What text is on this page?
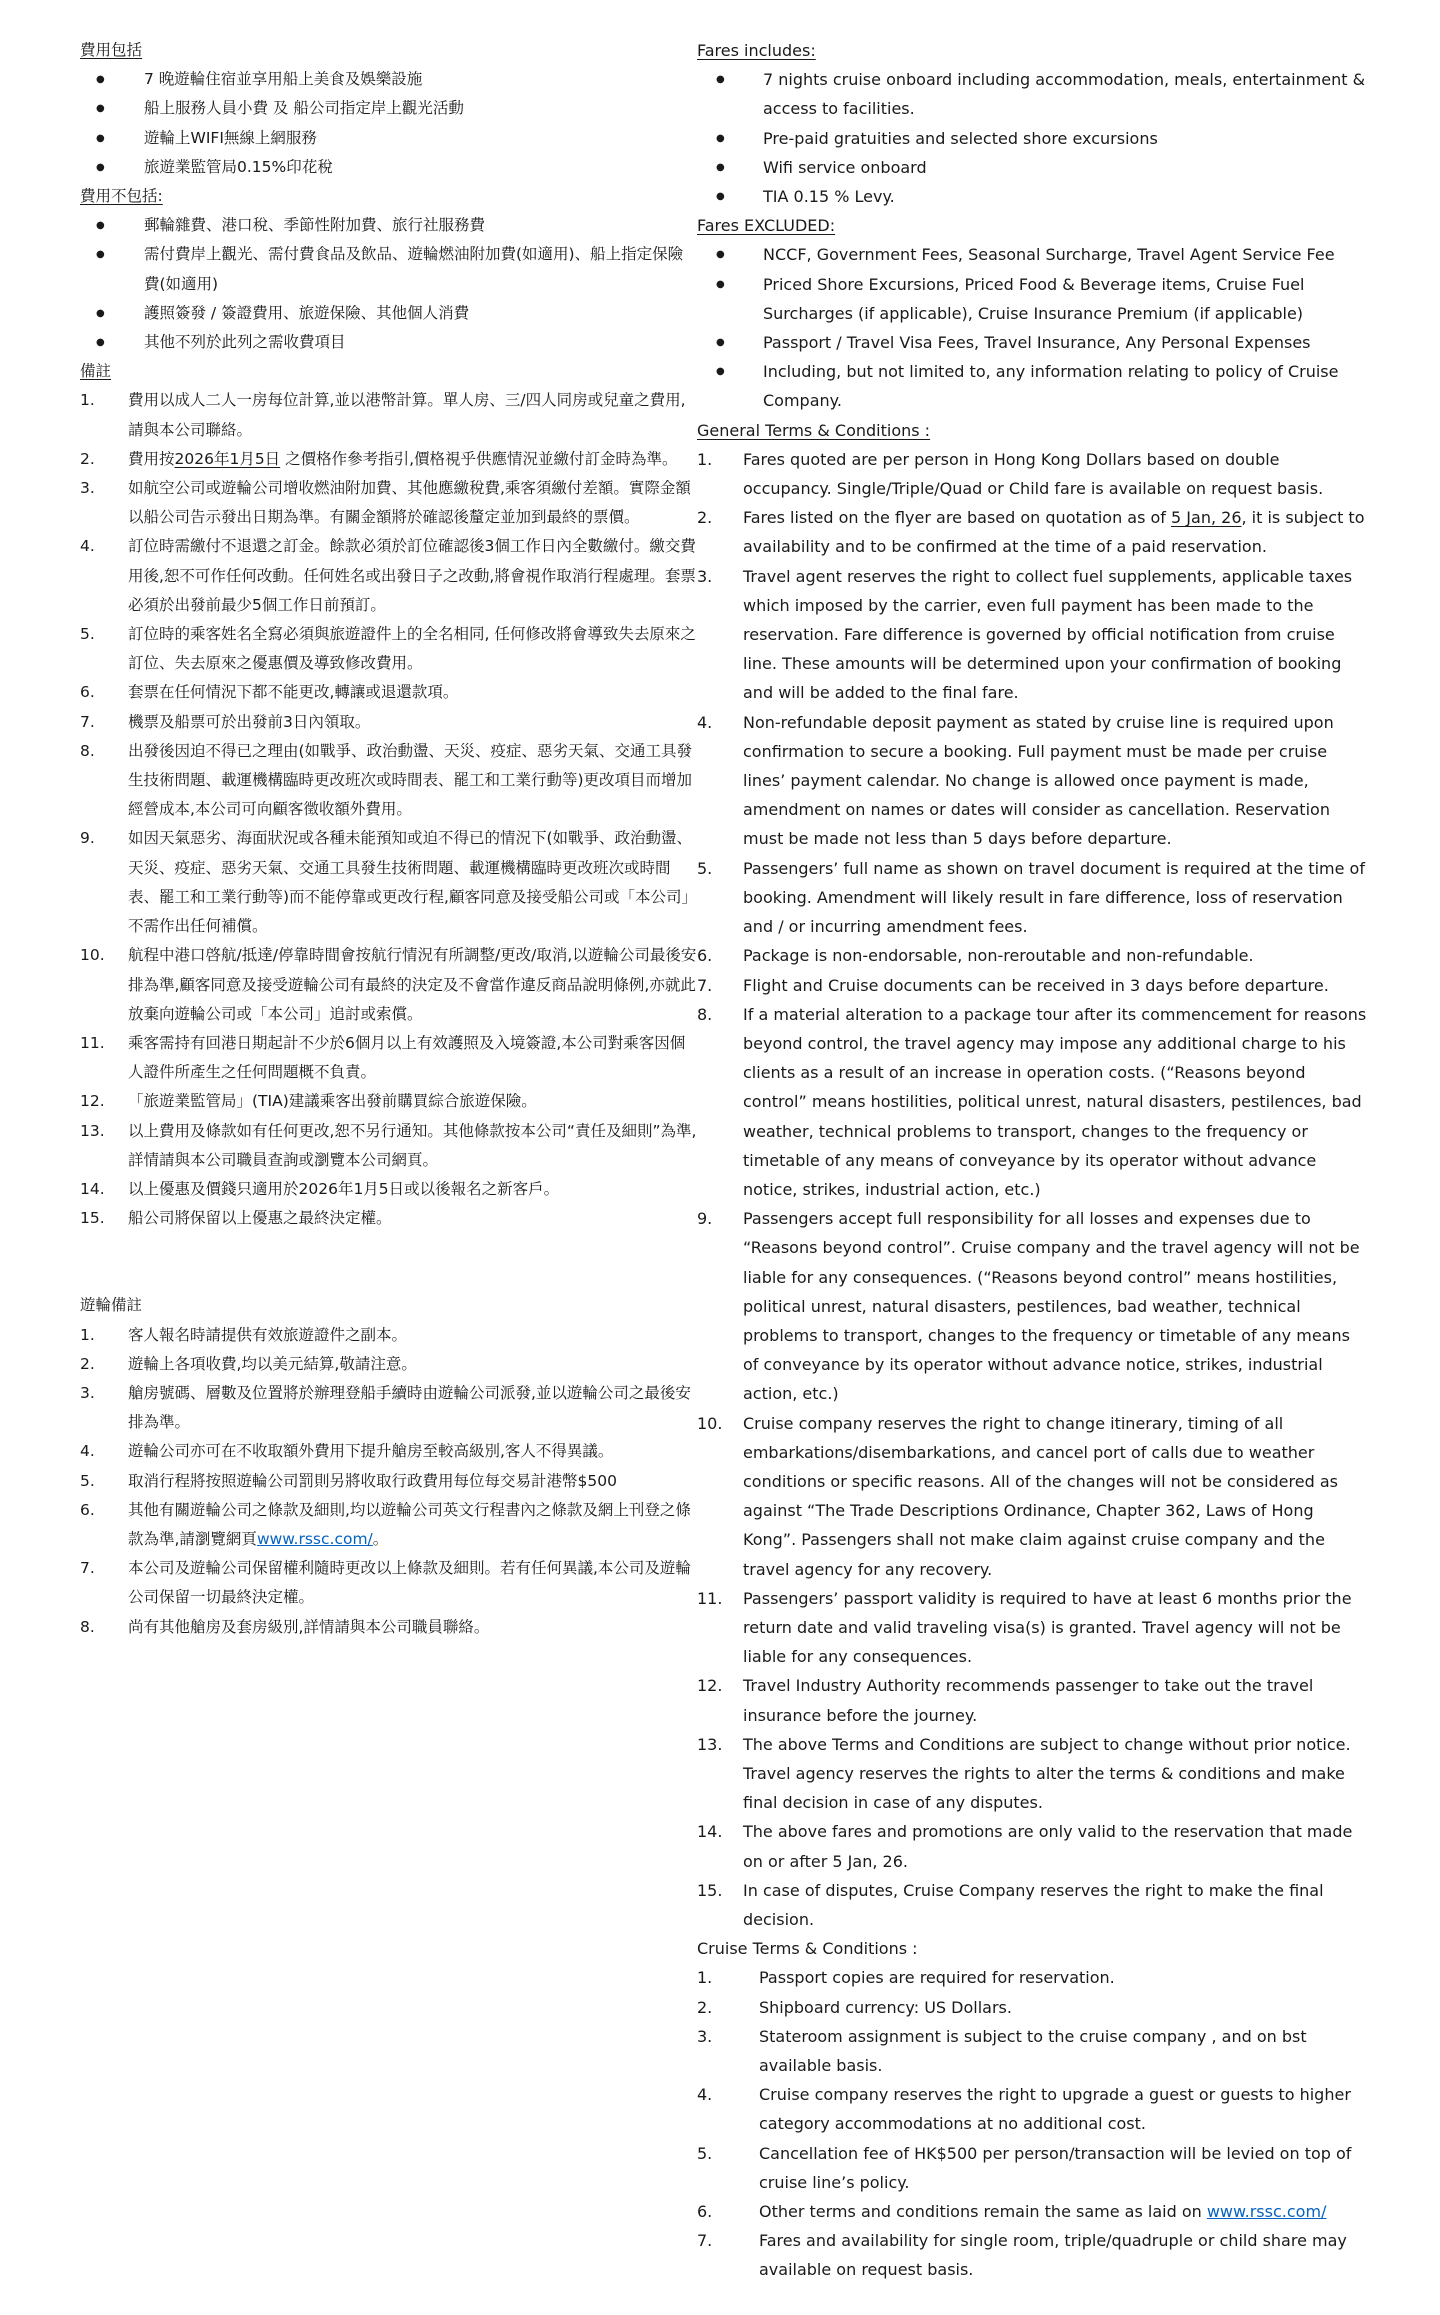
費用包括
●	7 晚遊輪住宿並享用船上美食及娛樂設施
●	船上服務人員小費 及 船公司指定岸上觀光活動
●	遊輪上WIFI無線上網服務
●	旅遊業監管局0.15%印花稅
費用不包括:
●	郵輪雜費、港口稅、季節性附加費、旅行社服務費
●	需付費岸上觀光、需付費食品及飲品、遊輪燃油附加費(如適用)、船上指定保險費(如適用)
●	護照簽發 / 簽證費用、旅遊保險、其他個人消費
●	其他不列於此列之需收費項目
備註
1.	費用以成人二人一房每位計算,並以港幣計算。單人房、三/四人同房或兒童之費用,請與本公司聯絡。
2.	費用按2026年1月5日 之價格作參考指引,價格視乎供應情況並繳付訂金時為準。
3.	如航空公司或遊輪公司增收燃油附加費、其他應繳稅費,乘客須繳付差額。實際金額以船公司告示發出日期為準。有關金額將於確認後釐定並加到最終的票價。
4.	訂位時需繳付不退還之訂金。餘款必須於訂位確認後3個工作日內全數繳付。繳交費用後,恕不可作任何改動。任何姓名或出發日子之改動,將會視作取消行程處理。套票必須於出發前最少5個工作日前預訂。
5.	訂位時的乘客姓名全寫必須與旅遊證件上的全名相同, 任何修改將會導致失去原來之訂位、失去原來之優惠價及導致修改費用。
6.	套票在任何情況下都不能更改,轉讓或退還款項。
7.	機票及船票可於出發前3日內領取。
8.	出發後因迫不得已之理由(如戰爭、政治動盪、天災、疫症、惡劣天氣、交通工具發生技術問題、載運機構臨時更改班次或時間表、罷工和工業行動等)更改項目而增加經營成本,本公司可向顧客徵收額外費用。
9.	如因天氣惡劣、海面狀況或各種未能預知或迫不得已的情況下(如戰爭、政治動盪、天災、疫症、惡劣天氣、交通工具發生技術問題、載運機構臨時更改班次或時間表、罷工和工業行動等)而不能停靠或更改行程,顧客同意及接受船公司或「本公司」不需作出任何補償。
10.	航程中港口啓航/抵達/停靠時間會按航行情況有所調整/更改/取消,以遊輪公司最後安排為準,顧客同意及接受遊輪公司有最終的決定及不會當作違反商品說明條例,亦就此放棄向遊輪公司或「本公司」追討或索償。
11.	乘客需持有回港日期起計不少於6個月以上有效護照及入境簽證,本公司對乘客因個人證件所產生之任何問題概不負責。
12.	「旅遊業監管局」(TIA)建議乘客出發前購買綜合旅遊保險。
13.	以上費用及條款如有任何更改,恕不另行通知。其他條款按本公司“責任及細則”為準,詳情請與本公司職員查詢或瀏覽本公司網頁。
14.	以上優惠及價錢只適用於2026年1月5日或以後報名之新客戶。
15.	船公司將保留以上優惠之最終決定權。
遊輪備註
1.	客人報名時請提供有效旅遊證件之副本。
2.	遊輪上各項收費,均以美元結算,敬請注意。
3.	艙房號碼、層數及位置將於辦理登船手續時由遊輪公司派發,並以遊輪公司之最後安排為準。
4.	遊輪公司亦可在不收取額外費用下提升艙房至較高級別,客人不得異議。
5.	取消行程將按照遊輪公司罰則另將收取行政費用每位每交易計港幣$500
6.	其他有關遊輪公司之條款及細則,均以遊輪公司英文行程書內之條款及網上刊登之條款為準,請瀏覽網頁www.rssc.com/。
7.	本公司及遊輪公司保留權利隨時更改以上條款及細則。若有任何異議,本公司及遊輪公司保留一切最終決定權。
8.	尚有其他艙房及套房級別,詳情請與本公司職員聯絡。
Fares includes:
●	7 nights cruise onboard including accommodation, meals, entertainment & access to facilities.
●	Pre-paid gratuities and selected shore excursions
●	Wifi service onboard
●	TIA 0.15 % Levy.
Fares EXCLUDED:
●	NCCF, Government Fees, Seasonal Surcharge, Travel Agent Service Fee
●	Priced Shore Excursions, Priced Food & Beverage items, Cruise Fuel Surcharges (if applicable), Cruise Insurance Premium (if applicable)
●	Passport / Travel Visa Fees, Travel Insurance, Any Personal Expenses
●	Including, but not limited to, any information relating to policy of Cruise Company.
General Terms & Conditions :
1.	Fares quoted are per person in Hong Kong Dollars based on double occupancy. Single/Triple/Quad or Child fare is available on request basis.
2.	Fares listed on the flyer are based on quotation as of 5 Jan, 26, it is subject to availability and to be confirmed at the time of a paid reservation.
3.	Travel agent reserves the right to collect fuel supplements, applicable taxes which imposed by the carrier, even full payment has been made to the reservation. Fare difference is governed by official notification from cruise line. These amounts will be determined upon your confirmation of booking and will be added to the final fare.
4.	Non-refundable deposit payment as stated by cruise line is required upon confirmation to secure a booking. Full payment must be made per cruise lines’ payment calendar. No change is allowed once payment is made, amendment on names or dates will consider as cancellation. Reservation must be made not less than 5 days before departure.
5.	Passengers’ full name as shown on travel document is required at the time of booking. Amendment will likely result in fare difference, loss of reservation and / or incurring amendment fees.
6.	Package is non-endorsable, non-reroutable and non-refundable.
7.	Flight and Cruise documents can be received in 3 days before departure.
8.	If a material alteration to a package tour after its commencement for reasons beyond control, the travel agency may impose any additional charge to his clients as a result of an increase in operation costs. (“Reasons beyond control” means hostilities, political unrest, natural disasters, pestilences, bad weather, technical problems to transport, changes to the frequency or timetable of any means of conveyance by its operator without advance notice, strikes, industrial action, etc.)
9.	Passengers accept full responsibility for all losses and expenses due to “Reasons beyond control”. Cruise company and the travel agency will not be liable for any consequences. (“Reasons beyond control” means hostilities, political unrest, natural disasters, pestilences, bad weather, technical problems to transport, changes to the frequency or timetable of any means of conveyance by its operator without advance notice, strikes, industrial action, etc.)
10.	Cruise company reserves the right to change itinerary, timing of all embarkations/disembarkations, and cancel port of calls due to weather conditions or specific reasons. All of the changes will not be considered as against “The Trade Descriptions Ordinance, Chapter 362, Laws of Hong Kong”. Passengers shall not make claim against cruise company and the travel agency for any recovery.
11.	Passengers’ passport validity is required to have at least 6 months prior the return date and valid traveling visa(s) is granted. Travel agency will not be liable for any consequences.
12.	Travel Industry Authority recommends passenger to take out the travel insurance before the journey.
13.	The above Terms and Conditions are subject to change without prior notice. Travel agency reserves the rights to alter the terms & conditions and make final decision in case of any disputes.
14.	The above fares and promotions are only valid to the reservation that made on or after 5 Jan, 26.
15.	In case of disputes, Cruise Company reserves the right to make the final decision.
Cruise Terms & Conditions :
1.	Passport copies are required for reservation.
2.	Shipboard currency: US Dollars.
3.	Stateroom assignment is subject to the cruise company , and on bst available basis.
4.	Cruise company reserves the right to upgrade a guest or guests to higher category accommodations at no additional cost.
5.	Cancellation fee of HK$500 per person/transaction will be levied on top of cruise line’s policy.
6.	Other terms and conditions remain the same as laid on www.rssc.com/
7.	Fares and availability for single room, triple/quadruple or child share may available on request basis.
